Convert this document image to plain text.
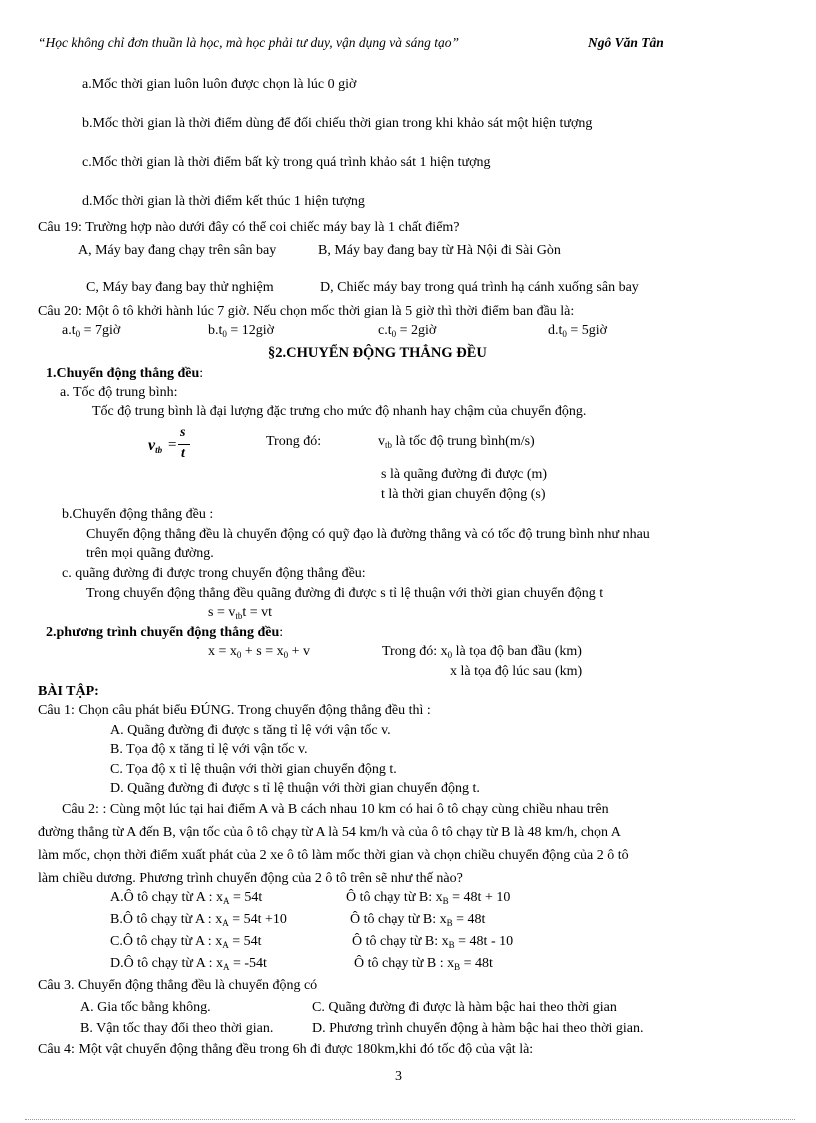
“Học không chỉ đơn thuần là học, mà học phải tư duy, vận dụng và sáng tạo”	Ngô Văn Tân
a.Mốc thời gian luôn luôn được chọn là lúc 0 giờ
b.Mốc thời gian là thời điểm dùng để đối chiếu thời gian trong khi khảo sát một hiện tượng
c.Mốc thời gian là thời điểm bất kỳ trong quá trình khảo sát 1 hiện tượng
d.Mốc thời gian là thời điểm kết thúc 1 hiện tượng
Câu 19: Trường hợp nào dưới đây có thể coi chiếc máy bay là 1 chất điểm?
A, Máy bay đang chạy trên sân bay	B, Máy bay đang bay từ Hà Nội đi Sài Gòn
C, Máy bay đang bay thử nghiệm	D, Chiếc máy bay trong quá trình hạ cánh xuống sân bay
Câu 20: Một ô tô khởi hành lúc 7 giờ. Nếu chọn mốc thời gian là 5 giờ thì thời điểm ban đầu là:
$a.t_0$ = 7giờ	$b.t_0$ = 12giờ	$c.t_0$ = 2giờ	$d.t_0$ = 5giờ
§2.CHUYỂN ĐỘNG THẲNG ĐỀU
1.Chuyển động thẳng đều:
a. Tốc độ trung bình:
Tốc độ trung bình là đại lượng đặc trưng cho mức độ nhanh hay chậm của chuyển động.
$v_{tb}$ =
s
t
Trong đó:	$v_{tb}$ là tốc độ trung bình(m/s)
s là quãng đường đi được (m)
t là thời gian chuyển động (s)
b.Chuyển động thẳng đều :
Chuyển động thẳng đều là chuyển động có quỹ đạo là đường thẳng và có tốc độ trung bình như nhau
trên mọi quãng đường.
c. quãng đường đi được trong chuyển động thẳng đều:
Trong chuyển động thẳng đều quãng đường đi được s tỉ lệ thuận với thời gian chuyển động t
$s = v_{tb}t$ = vt
2.phương trình chuyển động thẳng đều:
$x = x_0 + s = x_0 + v$	Trong đó: $x_0$ là tọa độ ban đầu (km)
x là tọa độ lúc sau (km)
BÀI TẬP:
Câu 1: Chọn câu phát biểu ĐÚNG. Trong chuyển động thẳng đều thì :
A. Quãng đường đi được s tăng tỉ lệ với vận tốc v.
B. Tọa độ x tăng tỉ lệ với vận tốc v.
C. Tọa độ x tỉ lệ thuận với thời gian chuyển động t.
D. Quãng đường đi được s tỉ lệ thuận với thời gian chuyển động t.
Câu 2: : Cùng một lúc tại hai điểm A và B cách nhau 10 km có hai ô tô chạy cùng chiều nhau trên
đường thẳng từ A đến B, vận tốc của ô tô chạy từ A là 54 km/h và của ô tô chạy từ B là 48 km/h, chọn A
làm mốc, chọn thời điểm xuất phát của 2 xe ô tô làm mốc thời gian và chọn chiều chuyển động của 2 ô tô
làm chiều dương. Phương trình chuyển động của 2 ô tô trên sẽ như thế nào?
A.Ô tô chạy từ A : $x_A = 54t$	Ô tô chạy từ B: $x_B = 48t + 10$
B.Ô tô chạy từ A : $x_A = 54t +10$	Ô tô chạy từ B: $x_B = 48t$
C.Ô tô chạy từ A : $x_A = 54t$	Ô tô chạy từ B: $x_B = 48t - 10$
D.Ô tô chạy từ A : $x_A = -54t$	Ô tô chạy từ B : $x_B = 48t$
Câu 3. Chuyển động thẳng đều là chuyển động có
A. Gia tốc bằng không.	C. Quãng đường đi được là hàm bậc hai theo thời gian
B. Vận tốc thay đổi theo thời gian.	D. Phương trình chuyển động à hàm bậc hai theo thời gian.
Câu 4: Một vật chuyển động thẳng đều trong 6h đi được 180km,khi đó tốc độ của vật là:
3
